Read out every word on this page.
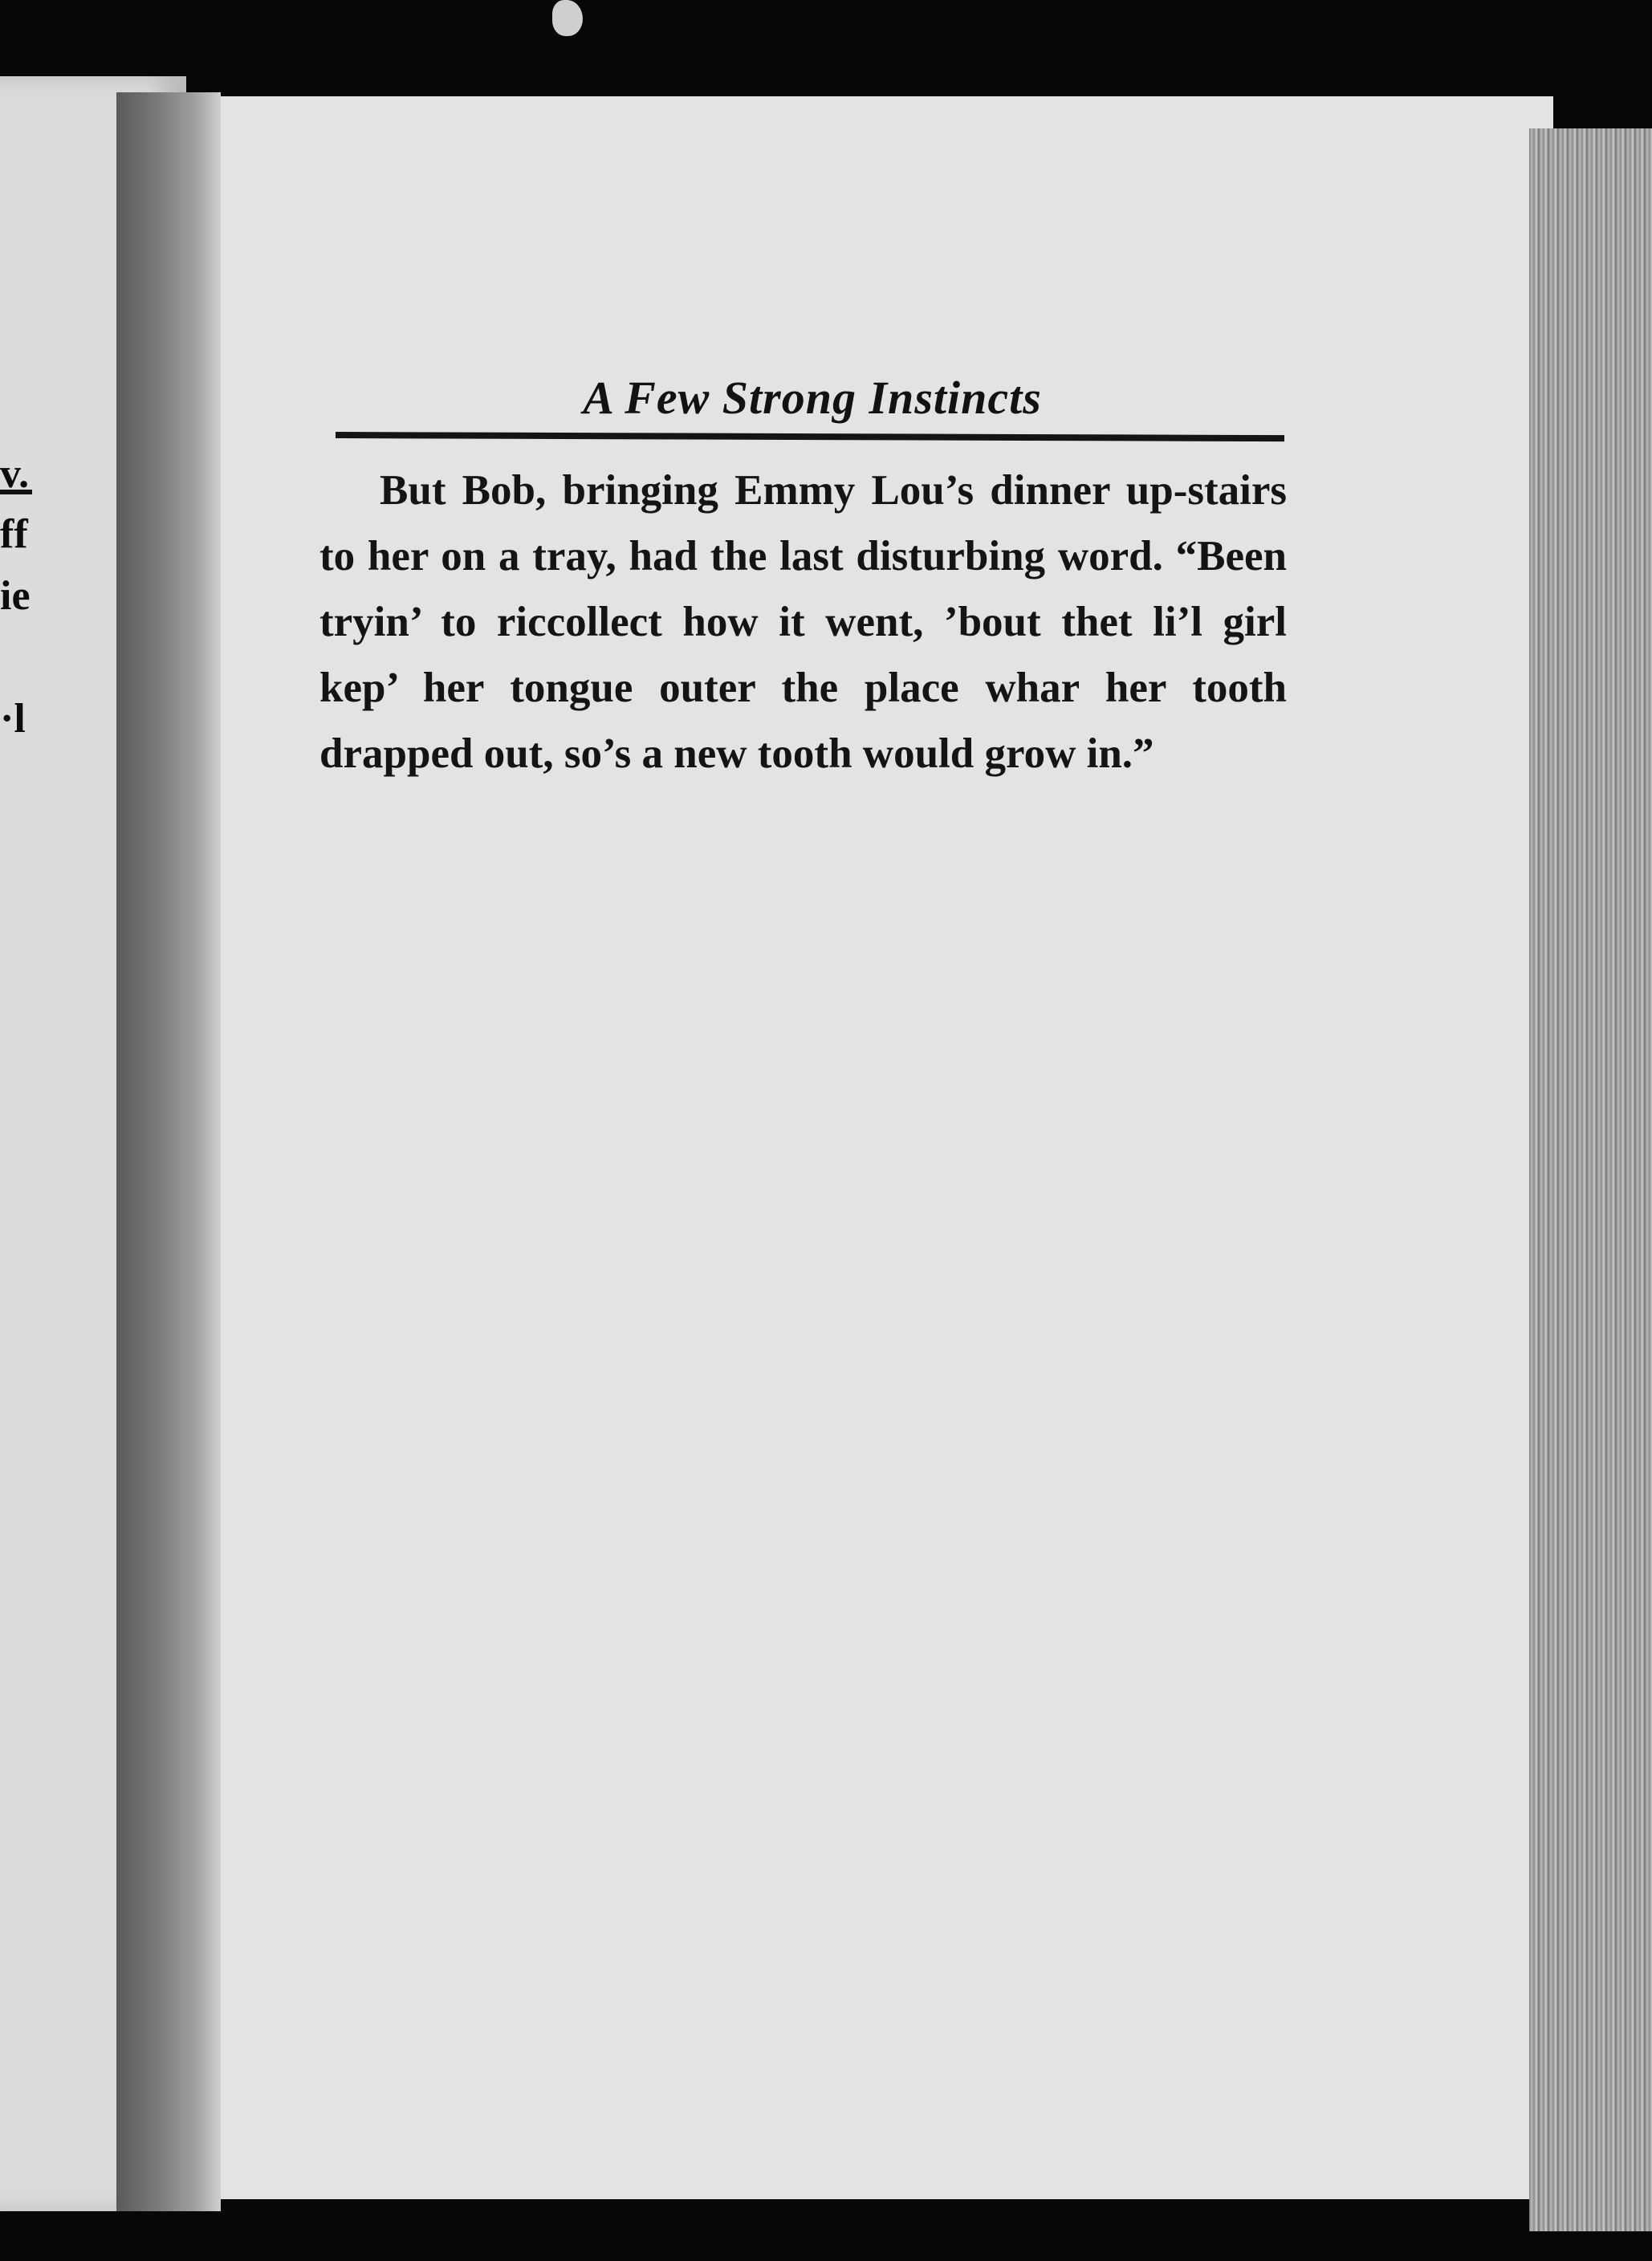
v.
ff
ie
·l
A Few Strong Instincts

But Bob, bringing Emmy Lou’s dinner up-stairs to her on a tray, had the last disturbing word. “Been tryin’ to riccollect how it went, ’bout thet li’l girl kep’ her tongue outer the place whar her tooth drapped out, so’s a new tooth would grow in.”
